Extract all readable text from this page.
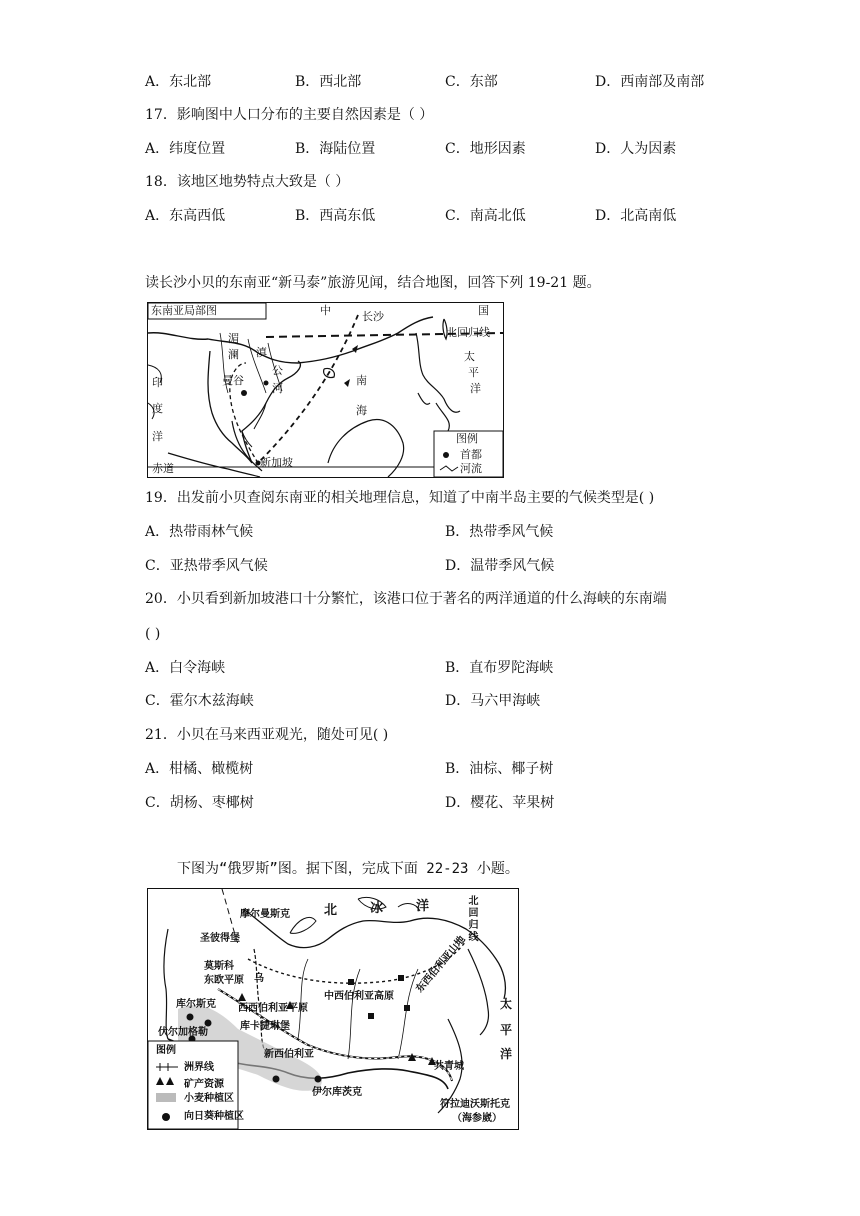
A．东北部	B．西北部	C．东部	D．西南部及南部
17．影响图中人口分布的主要自然因素是（ ）
A．纬度位置	B．海陆位置	C．地形因素	D．人为因素
18．该地区地势特点大致是（ ）
A．东高西低	B．西高东低	C．南高北低	D．北高南低
读长沙小贝的东南亚“新马泰”旅游见闻，结合地图，回答下列 19-21 题。
东南亚局部图	中	长沙	国
北回归线
太
平
洋
湄
澜 滇
曼谷
公
河
南
海
印
度
洋
赤道	新加坡
图例
首都
河流
19．出发前小贝查阅东南亚的相关地理信息，知道了中南半岛主要的气候类型是( )
A．热带雨林气候	B．热带季风气候
C．亚热带季风气候	D．温带季风气候
20．小贝看到新加坡港口十分繁忙，该港口位于著名的两洋通道的什么海峡的东南端
( )
A．白令海峡	B．直布罗陀海峡
C．霍尔木兹海峡	D．马六甲海峡
21．小贝在马来西亚观光，随处可见( )
A．柑橘、橄榄树	B．油棕、椰子树
C．胡杨、枣椰树	D．樱花、苹果树
下图为“俄罗斯”图。据下图，完成下面 22-23 小题。
北	冰	洋	北回归线
摩尔曼斯克
圣彼得堡
莫斯科
东欧平原
库尔斯克
伏尔加格勒
乌
西西伯利亚平原
库卡捷琳堡
中西伯利亚高原
东西伯利亚山地
新西伯利亚
伊尔库茨克
共青城
符拉迪沃斯托克
（海参崴）
太
平
洋
图例
洲界线
矿产资源
小麦种植区
向日葵种植区
